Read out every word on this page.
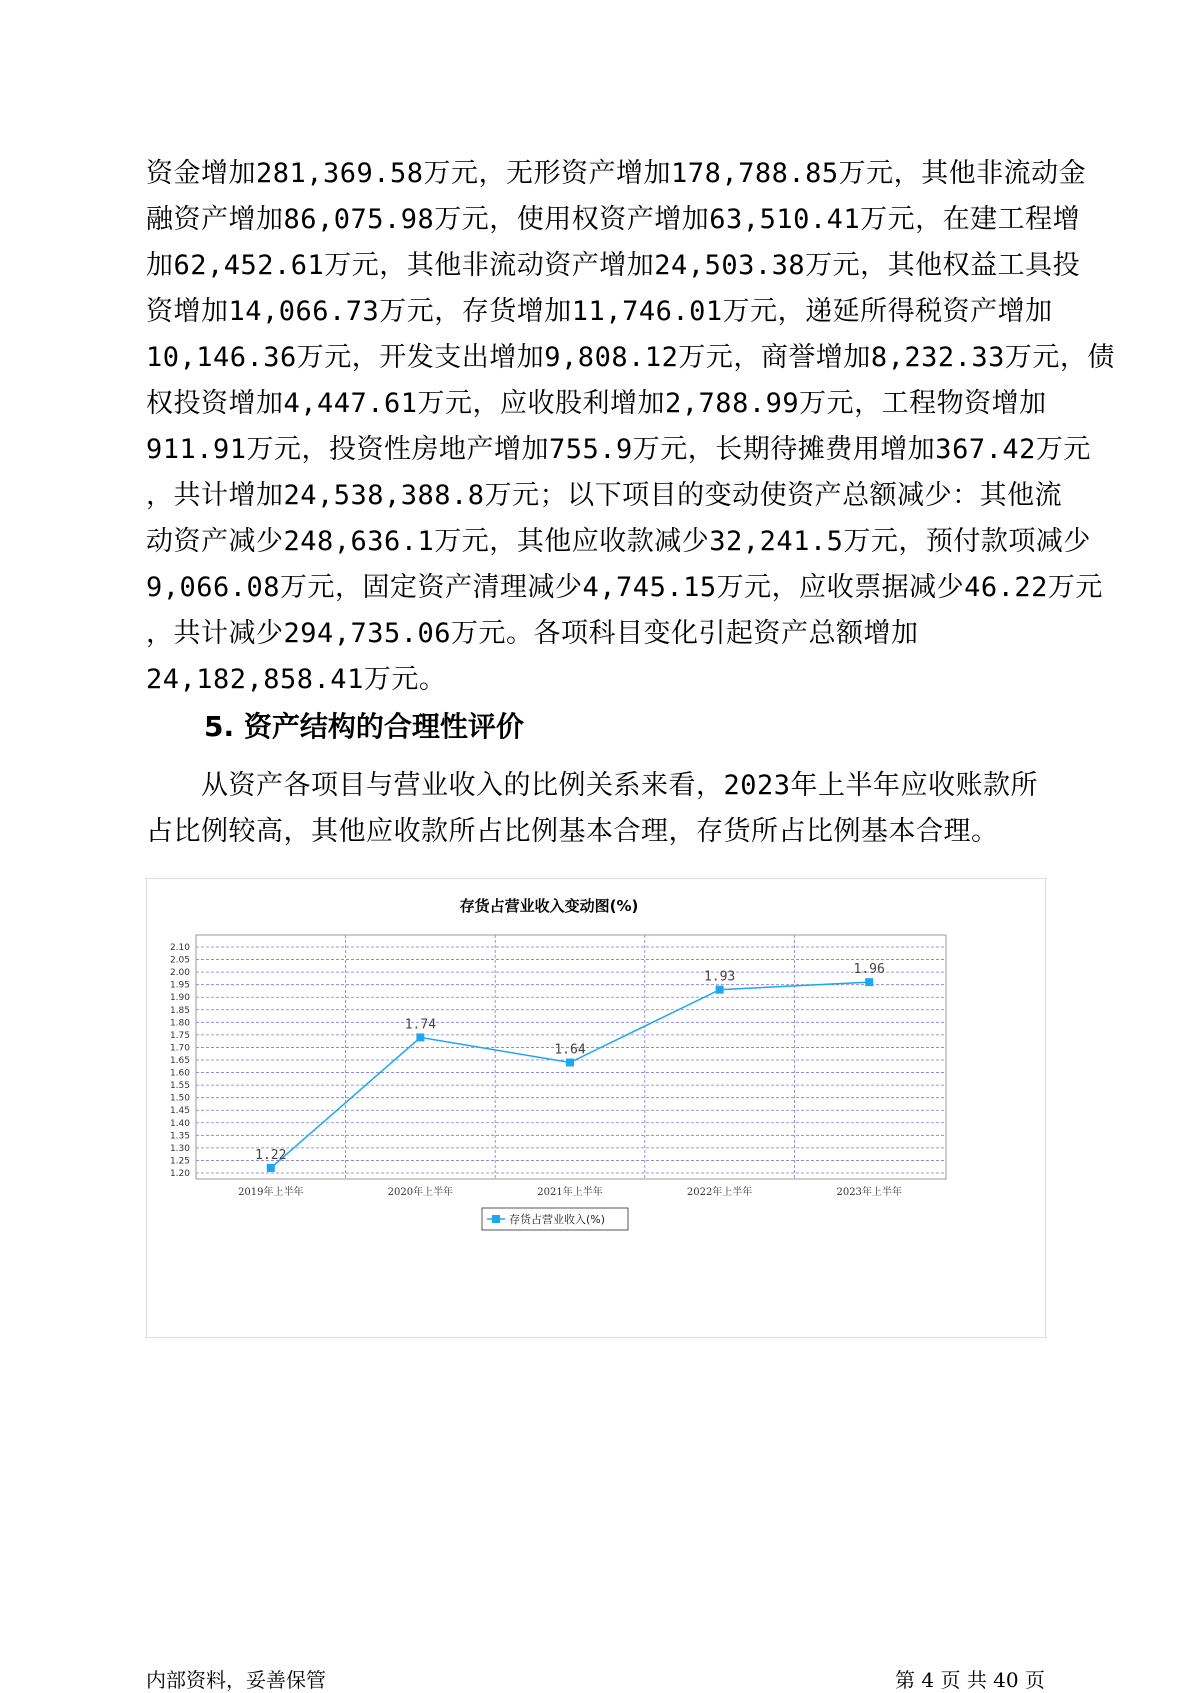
资金增加281,369.58万元，无形资产增加178,788.85万元，其他非流动金
融资产增加86,075.98万元，使用权资产增加63,510.41万元，在建工程增
加62,452.61万元，其他非流动资产增加24,503.38万元，其他权益工具投
资增加14,066.73万元，存货增加11,746.01万元，递延所得税资产增加
10,146.36万元，开发支出增加9,808.12万元，商誉增加8,232.33万元，债
权投资增加4,447.61万元，应收股利增加2,788.99万元，工程物资增加
911.91万元，投资性房地产增加755.9万元，长期待摊费用增加367.42万元
，共计增加24,538,388.8万元；以下项目的变动使资产总额减少：其他流
动资产减少248,636.1万元，其他应收款减少32,241.5万元，预付款项减少
9,066.08万元，固定资产清理减少4,745.15万元，应收票据减少46.22万元
，共计减少294,735.06万元。各项科目变化引起资产总额增加
24,182,858.41万元。
5. 资产结构的合理性评价
　　从资产各项目与营业收入的比例关系来看，2023年上半年应收账款所
占比例较高，其他应收款所占比例基本合理，存货所占比例基本合理。
存货占营业收入变动图(%)
1.20
1.25
1.30
1.35
1.40
1.45
1.50
1.55
1.60
1.65
1.70
1.75
1.80
1.85
1.90
1.95
2.00
2.05
2.10
2019年上半年	2020年上半年	2021年上半年	2022年上半年	2023年上半年
1.22
1.74
1.64
1.93
1.96
存货占营业收入(%)
内部资料，妥善保管	第 4 页 共 40 页
